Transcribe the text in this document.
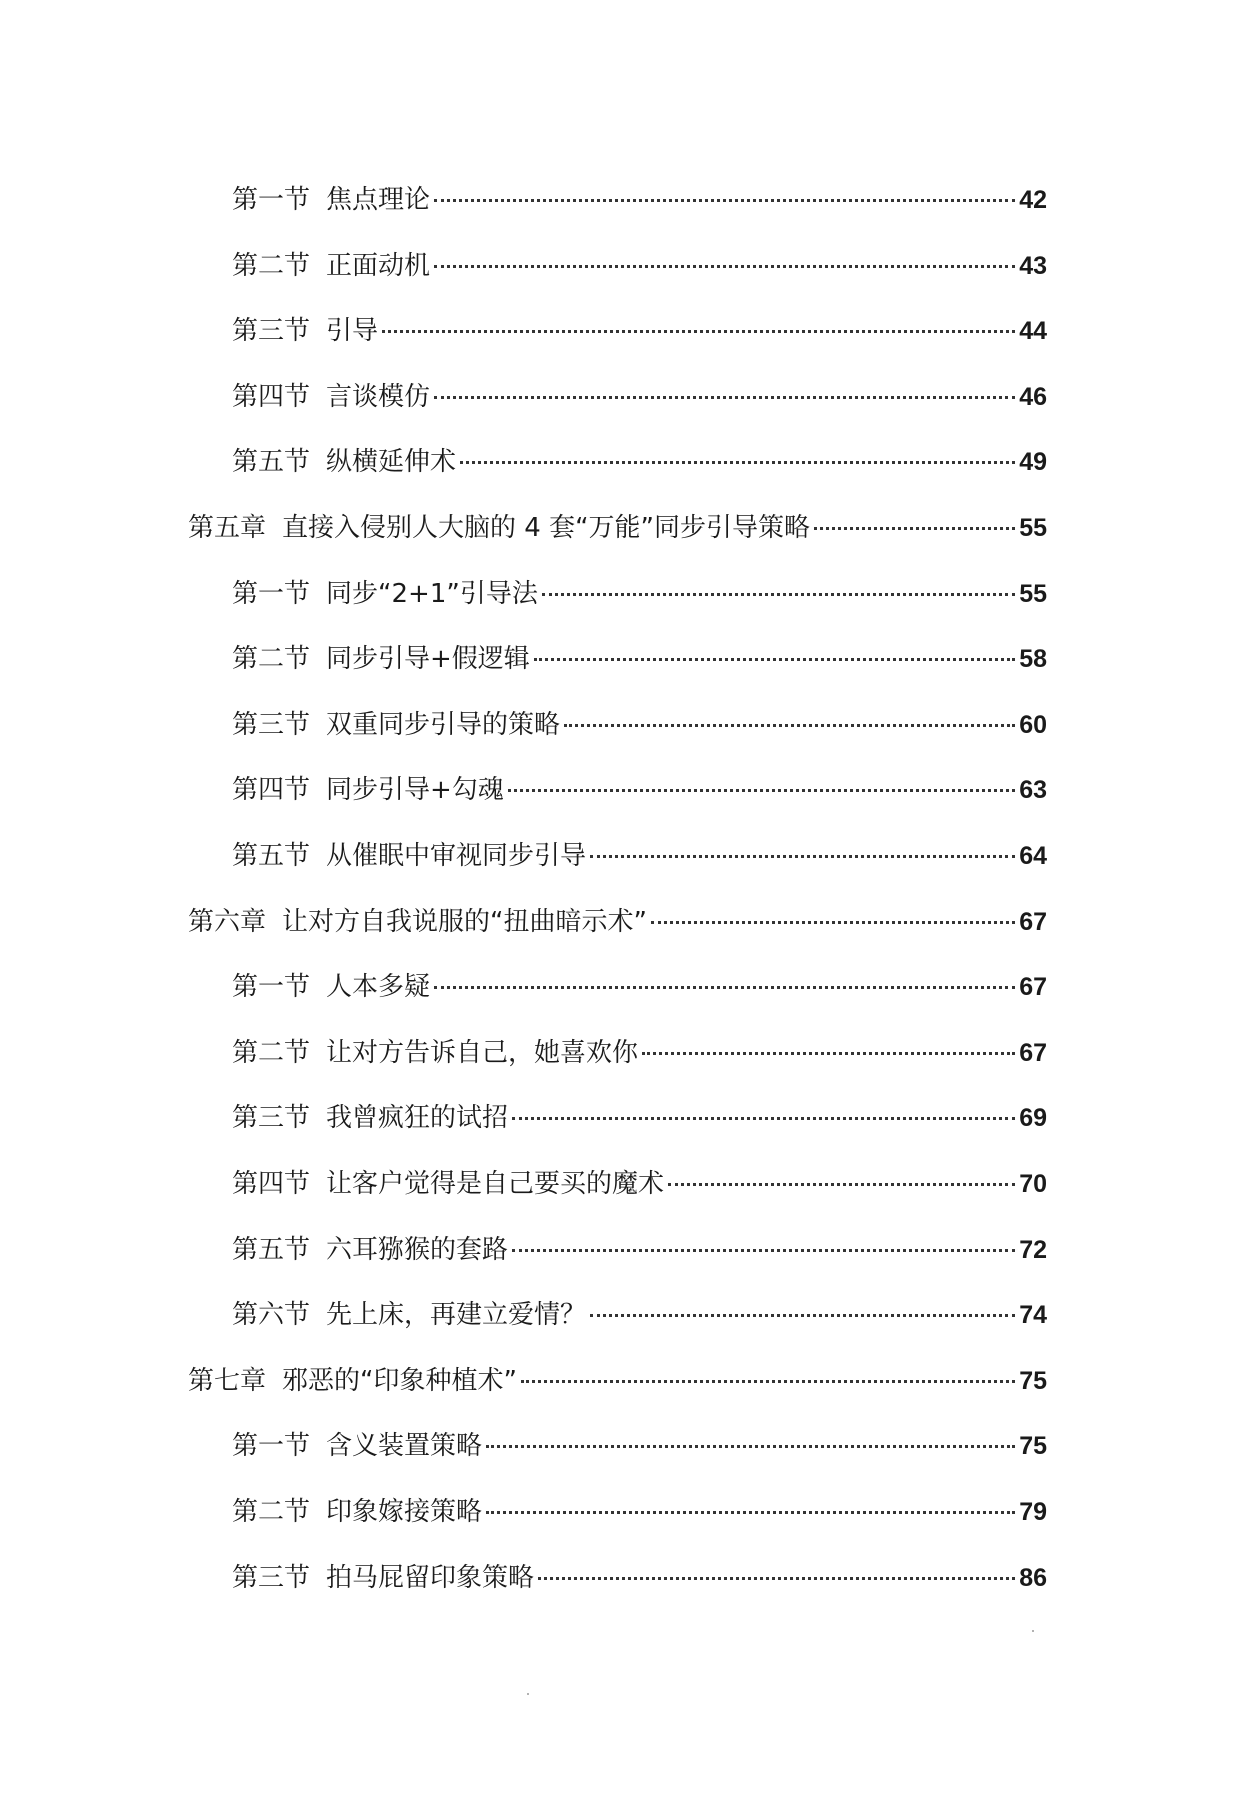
第一节 焦点理论	42
第二节 正面动机	43
第三节 引导	44
第四节 言谈模仿	46
第五节 纵横延伸术	49
第五章 直接入侵别人大脑的 4 套“万能”同步引导策略	55
第一节 同步“2+1”引导法	55
第二节 同步引导+假逻辑	58
第三节 双重同步引导的策略	60
第四节 同步引导+勾魂	63
第五节 从催眠中审视同步引导	64
第六章 让对方自我说服的“扭曲暗示术”	67
第一节 人本多疑	67
第二节 让对方告诉自己，她喜欢你	67
第三节 我曾疯狂的试招	69
第四节 让客户觉得是自己要买的魔术	70
第五节 六耳猕猴的套路	72
第六节 先上床，再建立爱情？	74
第七章 邪恶的“印象种植术”	75
第一节 含义装置策略	75
第二节 印象嫁接策略	79
第三节 拍马屁留印象策略	86
